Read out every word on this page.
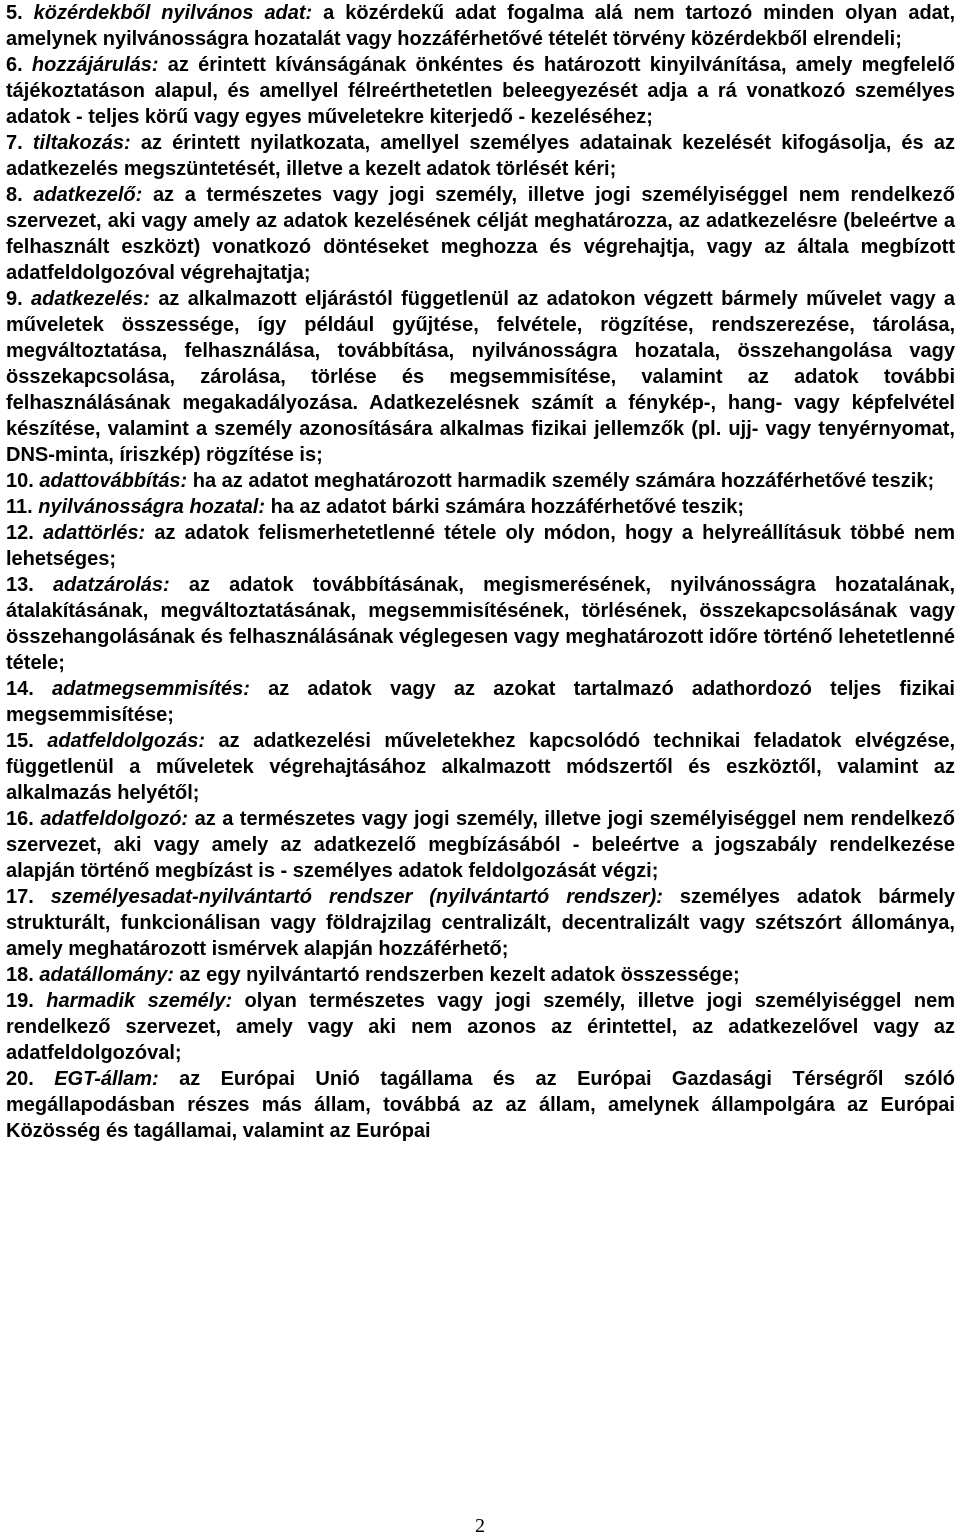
5. közérdekből nyilvános adat: a közérdekű adat fogalma alá nem tartozó minden olyan adat, amelynek nyilvánosságra hozatalát vagy hozzáférhetővé tételét törvény közérdekből elrendeli;

6. hozzájárulás: az érintett kívánságának önkéntes és határozott kinyilvánítása, amely megfelelő tájékoztatáson alapul, és amellyel félreérthetetlen beleegyezését adja a rá vonatkozó személyes adatok - teljes körű vagy egyes műveletekre kiterjedő - kezeléséhez;

7. tiltakozás: az érintett nyilatkozata, amellyel személyes adatainak kezelését kifogásolja, és az adatkezelés megszüntetését, illetve a kezelt adatok törlését kéri;

8. adatkezelő: az a természetes vagy jogi személy, illetve jogi személyiséggel nem rendelkező szervezet, aki vagy amely az adatok kezelésének célját meghatározza, az adatkezelésre (beleértve a felhasznált eszközt) vonatkozó döntéseket meghozza és végrehajtja, vagy az általa megbízott adatfeldolgozóval végrehajtatja;

9. adatkezelés: az alkalmazott eljárástól függetlenül az adatokon végzett bármely művelet vagy a műveletek összessége, így például gyűjtése, felvétele, rögzítése, rendszerezése, tárolása, megváltoztatása, felhasználása, továbbítása, nyilvánosságra hozatala, összehangolása vagy összekapcsolása, zárolása, törlése és megsemmisítése, valamint az adatok további felhasználásának megakadályozása. Adatkezelésnek számít a fénykép-, hang- vagy képfelvétel készítése, valamint a személy azonosítására alkalmas fizikai jellemzők (pl. ujj- vagy tenyérnyomat, DNS-minta, íriszkép) rögzítése is;

10. adattovábbítás: ha az adatot meghatározott harmadik személy számára hozzáférhetővé teszik;

11. nyilvánosságra hozatal: ha az adatot bárki számára hozzáférhetővé teszik;

12. adattörlés: az adatok felismerhetetlenné tétele oly módon, hogy a helyreállításuk többé nem lehetséges;

13. adatzárolás: az adatok továbbításának, megismerésének, nyilvánosságra hozatalának, átalakításának, megváltoztatásának, megsemmisítésének, törlésének, összekapcsolásának vagy összehangolásának és felhasználásának véglegesen vagy meghatározott időre történő lehetetlenné tétele;

14. adatmegsemmisítés: az adatok vagy az azokat tartalmazó adathordozó teljes fizikai megsemmisítése;

15. adatfeldolgozás: az adatkezelési műveletekhez kapcsolódó technikai feladatok elvégzése, függetlenül a műveletek végrehajtásához alkalmazott módszertől és eszköztől, valamint az alkalmazás helyétől;

16. adatfeldolgozó: az a természetes vagy jogi személy, illetve jogi személyiséggel nem rendelkező szervezet, aki vagy amely az adatkezelő megbízásából - beleértve a jogszabály rendelkezése alapján történő megbízást is - személyes adatok feldolgozását végzi;

17. személyesadat-nyilvántartó rendszer (nyilvántartó rendszer): személyes adatok bármely strukturált, funkcionálisan vagy földrajzilag centralizált, decentralizált vagy szétszórt állománya, amely meghatározott ismérvek alapján hozzáférhető;

18. adatállomány: az egy nyilvántartó rendszerben kezelt adatok összessége;

19. harmadik személy: olyan természetes vagy jogi személy, illetve jogi személyiséggel nem rendelkező szervezet, amely vagy aki nem azonos az érintettel, az adatkezelővel vagy az adatfeldolgozóval;

20. EGT-állam: az Európai Unió tagállama és az Európai Gazdasági Térségről szóló megállapodásban részes más állam, továbbá az az állam, amelynek állampolgára az Európai Közösség és tagállamai, valamint az Európai

2
